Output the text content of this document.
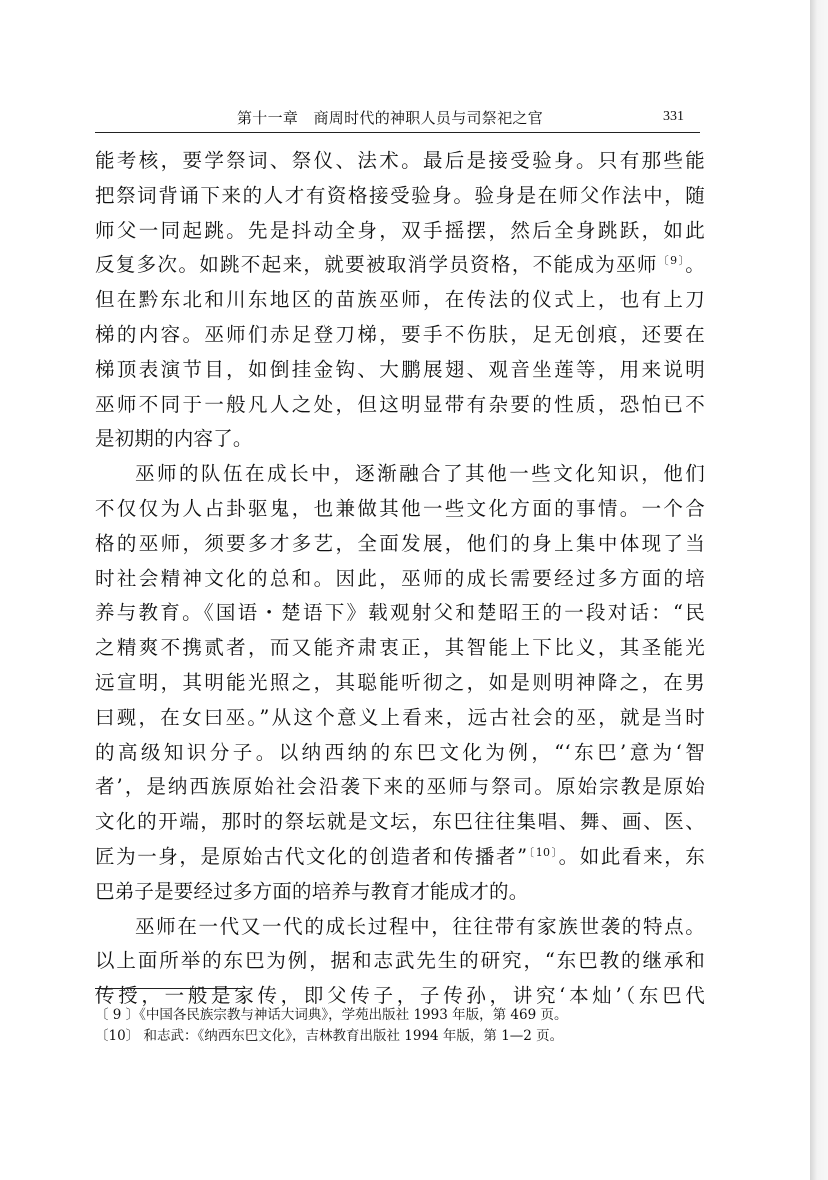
第十一章　商周时代的神职人员与司祭祀之官	331
能考核，要学祭词、祭仪、法术。最后是接受验身。只有那些能
把祭词背诵下来的人才有资格接受验身。验身是在师父作法中，随
师父一同起跳。先是抖动全身，双手摇摆，然后全身跳跃，如此
反复多次。如跳不起来，就要被取消学员资格，不能成为巫师$^{〔9〕}$。
但在黔东北和川东地区的苗族巫师，在传法的仪式上，也有上刀
梯的内容。巫师们赤足登刀梯，要手不伤肤，足无创痕，还要在
梯顶表演节目，如倒挂金钩、大鹏展翅、观音坐莲等，用来说明
巫师不同于一般凡人之处，但这明显带有杂要的性质，恐怕已不
是初期的内容了。
巫师的队伍在成长中，逐渐融合了其他一些文化知识，他们
不仅仅为人占卦驱鬼，也兼做其他一些文化方面的事情。一个合
格的巫师，须要多才多艺，全面发展，他们的身上集中体现了当
时社会精神文化的总和。因此，巫师的成长需要经过多方面的培
养与教育。《国语・楚语下》载观射父和楚昭王的一段对话：“民
之精爽不携贰者，而又能齐肃衷正，其智能上下比义，其圣能光
远宣明，其明能光照之，其聪能听彻之，如是则明神降之，在男
曰觋，在女曰巫。”从这个意义上看来，远古社会的巫，就是当时
的高级知识分子。以纳西纳的东巴文化为例，“‘东巴’意为‘智
者’，是纳西族原始社会沿袭下来的巫师与祭司。原始宗教是原始
文化的开端，那时的祭坛就是文坛，东巴往往集唱、舞、画、医、
匠为一身，是原始古代文化的创造者和传播者”$^{〔10〕}$。如此看来，东
巴弟子是要经过多方面的培养与教育才能成才的。
巫师在一代又一代的成长过程中，往往带有家族世袭的特点。
以上面所举的东巴为例，据和志武先生的研究，“东巴教的继承和
传授，一般是家传，即父传子，子传孙，讲究‘本灿’（东巴代
〔 9 〕《中国各民族宗教与神话大词典》，学苑出版社 1993 年版，第 469 页。
〔10〕 和志武：《纳西东巴文化》，吉林教育出版社 1994 年版，第 1—2 页。
